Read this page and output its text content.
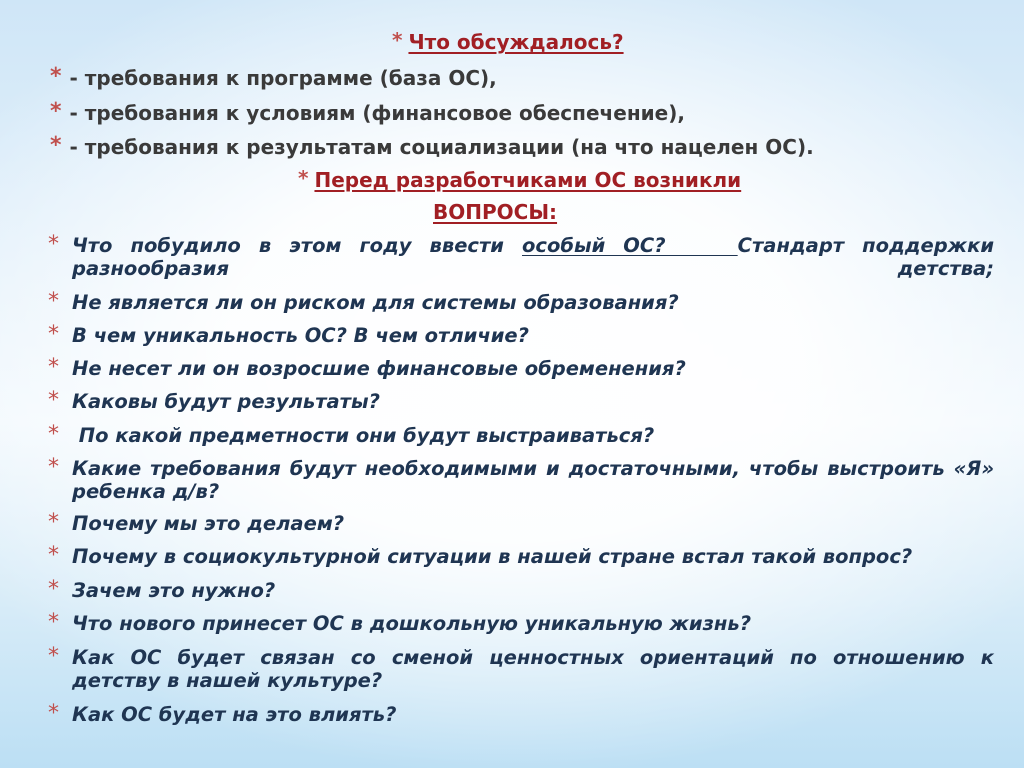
* Что обсуждалось?
* - требования к программе (база ОС),
* - требования к условиям (финансовое обеспечение),
* - требования к результатам социализации (на что нацелен ОС).
* Перед разработчиками ОС возникли
ВОПРОСЫ:
* Что побудило в этом году ввести особый ОС?    Стандарт поддержки разнообразия детства;
* Не является ли он риском для системы образования?
* В чем уникальность ОС? В чем отличие?
* Не несет ли он возросшие финансовые обременения?
* Каковы будут результаты?
* По какой предметности они будут выстраиваться?
* Какие требования будут необходимыми и достаточными, чтобы выстроить «Я» ребенка д/в?
* Почему мы это делаем?
* Почему в социокультурной ситуации в нашей стране встал такой вопрос?
* Зачем это нужно?
* Что нового принесет ОС в дошкольную уникальную жизнь?
* Как ОС будет связан со сменой ценностных ориентаций по отношению к детству в нашей культуре?
* Как ОС будет на это влиять?
